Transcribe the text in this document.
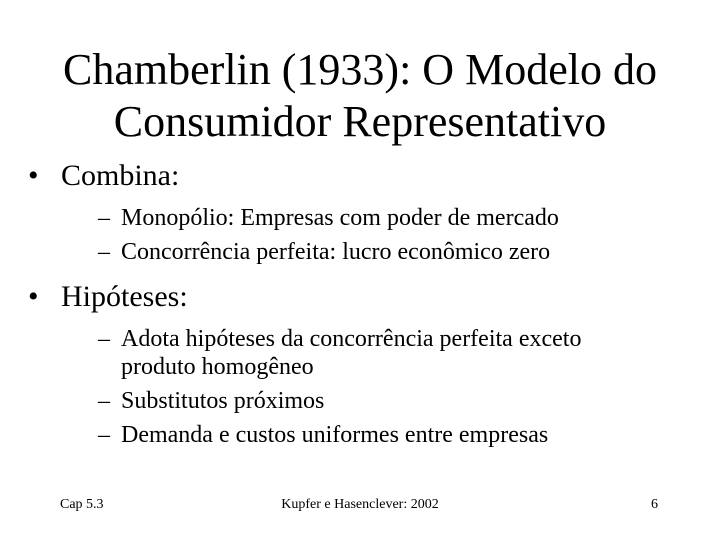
Chamberlin (1933): O Modelo do
Consumidor Representativo
• Combina:
– Monopólio: Empresas com poder de mercado
– Concorrência perfeita: lucro econômico zero
• Hipóteses:
– Adota hipóteses da concorrência perfeita exceto produto homogêneo
– Substitutos próximos
– Demanda e custos uniformes entre empresas
Cap 5.3	Kupfer e Hasenclever: 2002	6
